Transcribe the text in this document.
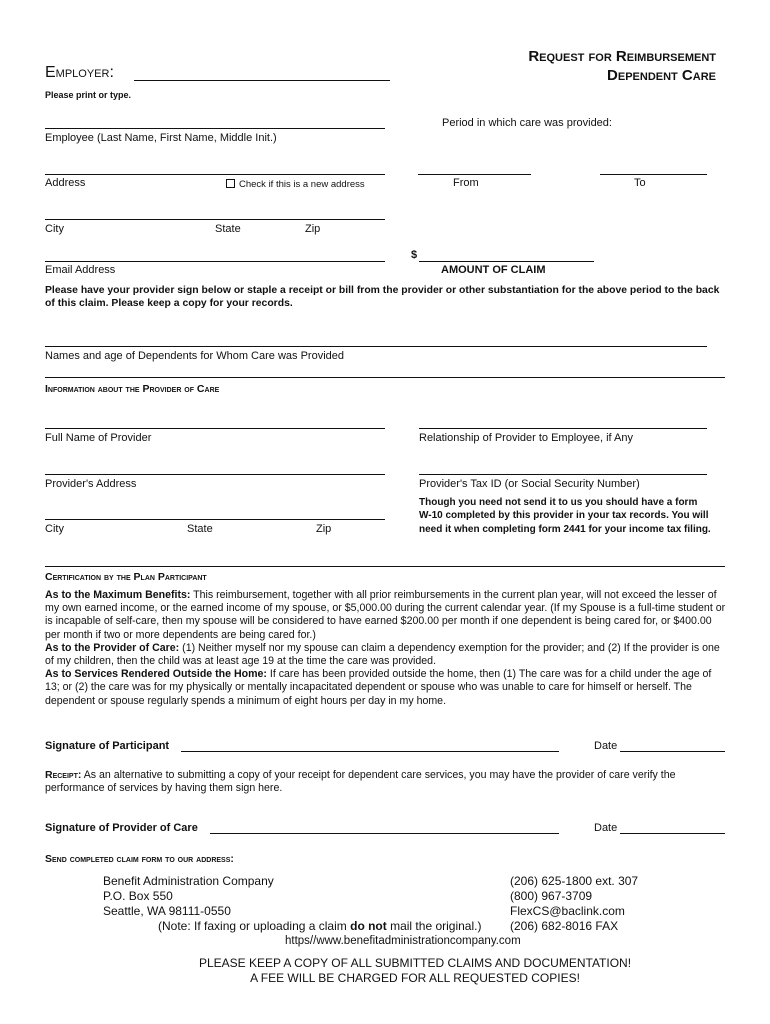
Request for Reimbursement
Dependent Care
Employer:
Please print or type.
Employee (Last Name, First Name, Middle Init.)
Period in which care was provided:
Address	Check if this is a new address	From	To
City	State	Zip
Email Address
$
AMOUNT OF CLAIM
Please have your provider sign below or staple a receipt or bill from the provider or other substantiation for the above period to the back of this claim. Please keep a copy for your records.
Names and age of Dependents for Whom Care was Provided
Information about the Provider of Care
Full Name of Provider	Relationship of Provider to Employee, if Any
Provider's Address	Provider's Tax ID (or Social Security Number)
Though you need not send it to us you should have a form W-10 completed by this provider in your tax records. You will need it when completing form 2441 for your income tax filing.
City	State	Zip
Certification by the Plan Participant
As to the Maximum Benefits: This reimbursement, together with all prior reimbursements in the current plan year, will not exceed the lesser of my own earned income, or the earned income of my spouse, or $5,000.00 during the current calendar year. (If my Spouse is a full-time student or is incapable of self-care, then my spouse will be considered to have earned $200.00 per month if one dependent is being cared for, or $400.00 per month if two or more dependents are being cared for.)
As to the Provider of Care: (1) Neither myself nor my spouse can claim a dependency exemption for the provider; and (2) If the provider is one of my children, then the child was at least age 19 at the time the care was provided.
As to Services Rendered Outside the Home: If care has been provided outside the home, then (1) The care was for a child under the age of 13; or (2) the care was for my physically or mentally incapacitated dependent or spouse who was unable to care for himself or herself. The dependent or spouse regularly spends a minimum of eight hours per day in my home.
Signature of Participant	Date
Receipt: As an alternative to submitting a copy of your receipt for dependent care services, you may have the provider of care verify the performance of services by having them sign here.
Signature of Provider of Care	Date
Send completed claim form to our address:
Benefit Administration Company
P.O. Box 550
Seattle, WA 98111-0550
(Note: If faxing or uploading a claim do not mail the original.)
https//www.benefitadministrationcompany.com
(206) 625-1800 ext. 307
(800) 967-3709
FlexCS@baclink.com
(206) 682-8016 FAX
PLEASE KEEP A COPY OF ALL SUBMITTED CLAIMS AND DOCUMENTATION!
A FEE WILL BE CHARGED FOR ALL REQUESTED COPIES!
